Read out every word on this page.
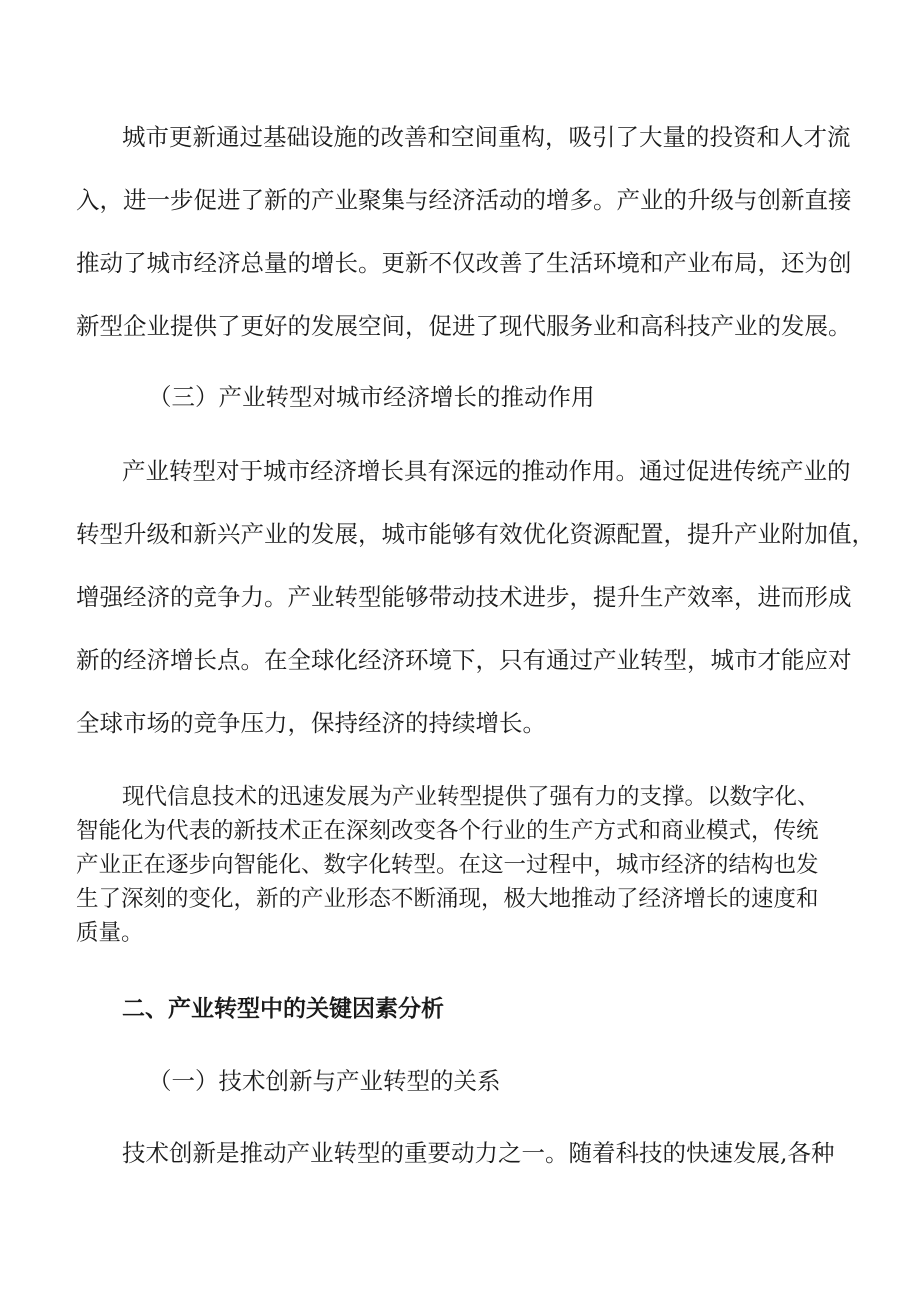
城市更新通过基础设施的改善和空间重构，吸引了大量的投资和人才流
入，进一步促进了新的产业聚集与经济活动的增多。产业的升级与创新直接
推动了城市经济总量的增长。更新不仅改善了生活环境和产业布局，还为创
新型企业提供了更好的发展空间，促进了现代服务业和高科技产业的发展。
（三）产业转型对城市经济增长的推动作用
产业转型对于城市经济增长具有深远的推动作用。通过促进传统产业的
转型升级和新兴产业的发展，城市能够有效优化资源配置，提升产业附加值，
增强经济的竞争力。产业转型能够带动技术进步，提升生产效率，进而形成
新的经济增长点。在全球化经济环境下，只有通过产业转型，城市才能应对
全球市场的竞争压力，保持经济的持续增长。
现代信息技术的迅速发展为产业转型提供了强有力的支撑。以数字化、
智能化为代表的新技术正在深刻改变各个行业的生产方式和商业模式，传统
产业正在逐步向智能化、数字化转型。在这一过程中，城市经济的结构也发
生了深刻的变化，新的产业形态不断涌现，极大地推动了经济增长的速度和
质量。
二、产业转型中的关键因素分析
（一）技术创新与产业转型的关系
技术创新是推动产业转型的重要动力之一。随着科技的快速发展,各种
